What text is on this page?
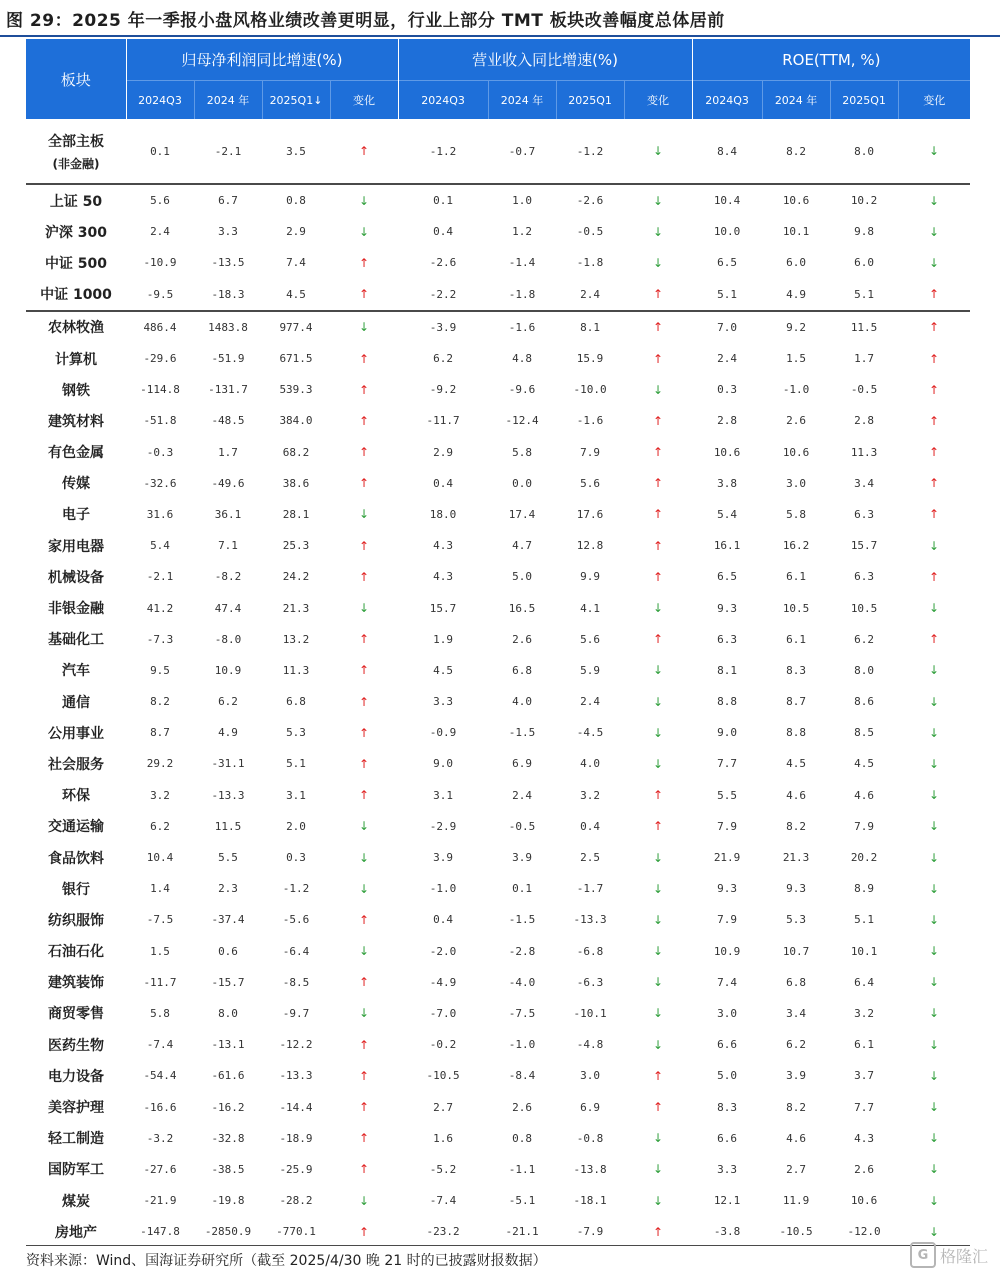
图 29：2025 年一季报小盘风格业绩改善更明显，行业上部分 TMT 板块改善幅度总体居前
板块	归母净利润同比增速(%)				营业收入同比增速(%)				ROE(TTM, %)			
	2024Q3	2024 年	2025Q1↓	变化	2024Q3	2024 年	2025Q1	变化	2024Q3	2024 年	2025Q1	变化
全部主板
(非金融)	0.1	-2.1	3.5	↑	-1.2	-0.7	-1.2	↓	8.4	8.2	8.0	↓
上证 50	5.6	6.7	0.8	↓	0.1	1.0	-2.6	↓	10.4	10.6	10.2	↓
沪深 300	2.4	3.3	2.9	↓	0.4	1.2	-0.5	↓	10.0	10.1	9.8	↓
中证 500	-10.9	-13.5	7.4	↑	-2.6	-1.4	-1.8	↓	6.5	6.0	6.0	↓
中证 1000	-9.5	-18.3	4.5	↑	-2.2	-1.8	2.4	↑	5.1	4.9	5.1	↑
农林牧渔	486.4	1483.8	977.4	↓	-3.9	-1.6	8.1	↑	7.0	9.2	11.5	↑
计算机	-29.6	-51.9	671.5	↑	6.2	4.8	15.9	↑	2.4	1.5	1.7	↑
钢铁	-114.8	-131.7	539.3	↑	-9.2	-9.6	-10.0	↓	0.3	-1.0	-0.5	↑
建筑材料	-51.8	-48.5	384.0	↑	-11.7	-12.4	-1.6	↑	2.8	2.6	2.8	↑
有色金属	-0.3	1.7	68.2	↑	2.9	5.8	7.9	↑	10.6	10.6	11.3	↑
传媒	-32.6	-49.6	38.6	↑	0.4	0.0	5.6	↑	3.8	3.0	3.4	↑
电子	31.6	36.1	28.1	↓	18.0	17.4	17.6	↑	5.4	5.8	6.3	↑
家用电器	5.4	7.1	25.3	↑	4.3	4.7	12.8	↑	16.1	16.2	15.7	↓
机械设备	-2.1	-8.2	24.2	↑	4.3	5.0	9.9	↑	6.5	6.1	6.3	↑
非银金融	41.2	47.4	21.3	↓	15.7	16.5	4.1	↓	9.3	10.5	10.5	↓
基础化工	-7.3	-8.0	13.2	↑	1.9	2.6	5.6	↑	6.3	6.1	6.2	↑
汽车	9.5	10.9	11.3	↑	4.5	6.8	5.9	↓	8.1	8.3	8.0	↓
通信	8.2	6.2	6.8	↑	3.3	4.0	2.4	↓	8.8	8.7	8.6	↓
公用事业	8.7	4.9	5.3	↑	-0.9	-1.5	-4.5	↓	9.0	8.8	8.5	↓
社会服务	29.2	-31.1	5.1	↑	9.0	6.9	4.0	↓	7.7	4.5	4.5	↓
环保	3.2	-13.3	3.1	↑	3.1	2.4	3.2	↑	5.5	4.6	4.6	↓
交通运输	6.2	11.5	2.0	↓	-2.9	-0.5	0.4	↑	7.9	8.2	7.9	↓
食品饮料	10.4	5.5	0.3	↓	3.9	3.9	2.5	↓	21.9	21.3	20.2	↓
银行	1.4	2.3	-1.2	↓	-1.0	0.1	-1.7	↓	9.3	9.3	8.9	↓
纺织服饰	-7.5	-37.4	-5.6	↑	0.4	-1.5	-13.3	↓	7.9	5.3	5.1	↓
石油石化	1.5	0.6	-6.4	↓	-2.0	-2.8	-6.8	↓	10.9	10.7	10.1	↓
建筑装饰	-11.7	-15.7	-8.5	↑	-4.9	-4.0	-6.3	↓	7.4	6.8	6.4	↓
商贸零售	5.8	8.0	-9.7	↓	-7.0	-7.5	-10.1	↓	3.0	3.4	3.2	↓
医药生物	-7.4	-13.1	-12.2	↑	-0.2	-1.0	-4.8	↓	6.6	6.2	6.1	↓
电力设备	-54.4	-61.6	-13.3	↑	-10.5	-8.4	3.0	↑	5.0	3.9	3.7	↓
美容护理	-16.6	-16.2	-14.4	↑	2.7	2.6	6.9	↑	8.3	8.2	7.7	↓
轻工制造	-3.2	-32.8	-18.9	↑	1.6	0.8	-0.8	↓	6.6	4.6	4.3	↓
国防军工	-27.6	-38.5	-25.9	↑	-5.2	-1.1	-13.8	↓	3.3	2.7	2.6	↓
煤炭	-21.9	-19.8	-28.2	↓	-7.4	-5.1	-18.1	↓	12.1	11.9	10.6	↓
房地产	-147.8	-2850.9	-770.1	↑	-23.2	-21.1	-7.9	↑	-3.8	-10.5	-12.0	↓
资料来源：Wind、国海证券研究所（截至 2025/4/30 晚 21 时的已披露财报数据）	G 格隆汇
